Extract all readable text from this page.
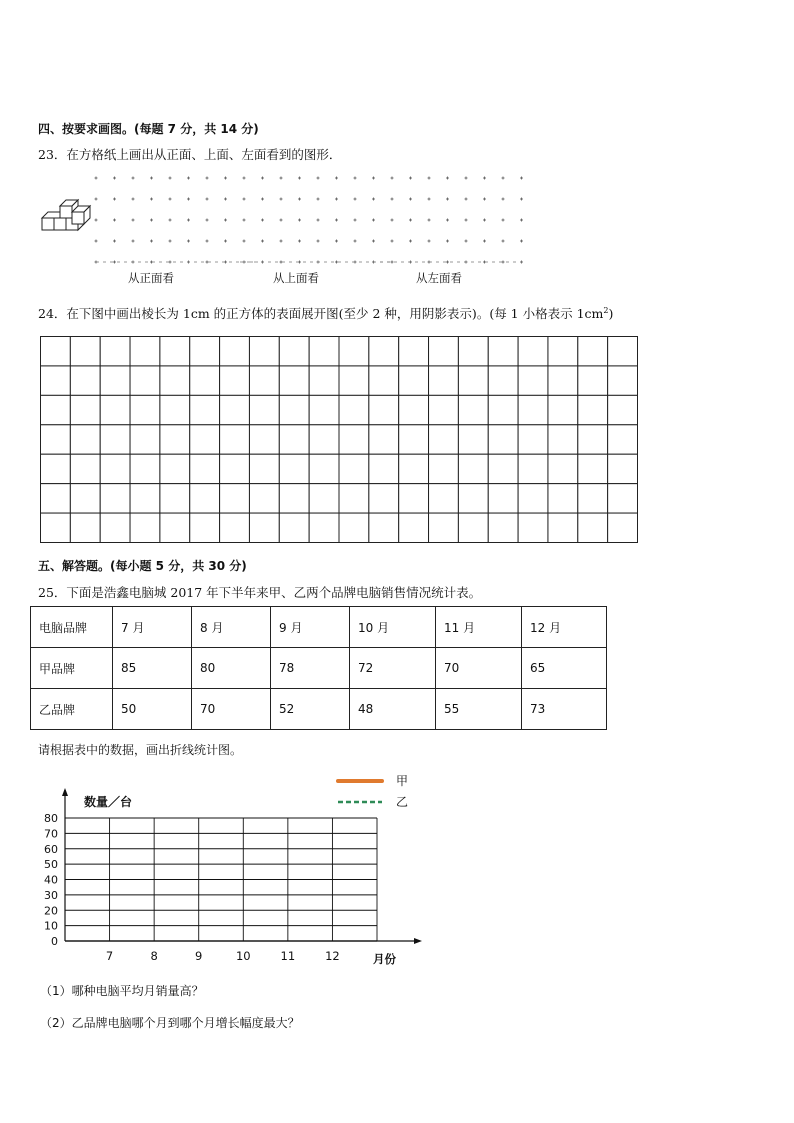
四、按要求画图。(每题 7 分，共 14 分)
23．在方格纸上画出从正面、上面、左面看到的图形．
从正面看	从上面看	从左面看
24．在下图中画出棱长为 1cm 的正方体的表面展开图(至少 2 种，用阴影表示)。(每 1 小格表示 $1cm^2$)
五、解答题。(每小题 5 分，共 30 分)
25．下面是浩鑫电脑城 2017 年下半年来甲、乙两个品牌电脑销售情况统计表。
电脑品牌	7 月	8 月	9 月	10 月	11 月	12 月
甲品牌	85	80	78	72	70	65
乙品牌	50	70	52	48	55	73
请根据表中的数据，画出折线统计图。
0
10
20
30
40
50
60
70
80
7	8	9	10	11	12
数量／台
月份
甲
乙
（1）哪种电脑平均月销量高？
（2）乙品牌电脑哪个月到哪个月增长幅度最大？
